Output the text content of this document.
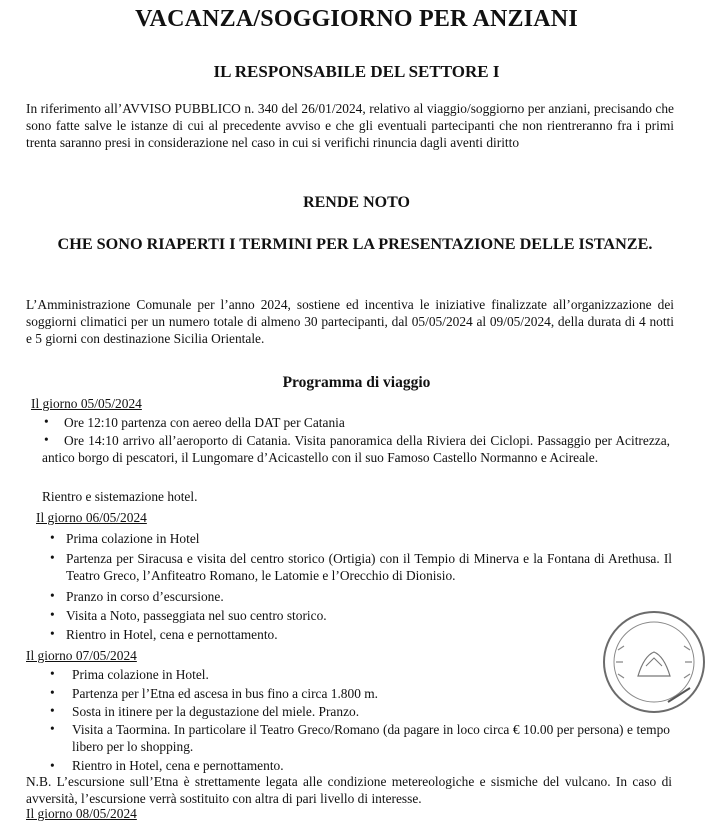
VACANZA/SOGGIORNO PER ANZIANI
IL RESPONSABILE DEL SETTORE I
In riferimento all’AVVISO PUBBLICO n. 340 del 26/01/2024, relativo al viaggio/soggiorno per anziani, precisando che sono fatte salve le istanze di cui al precedente avviso e che gli eventuali partecipanti che non rientreranno fra i primi trenta saranno presi in considerazione nel caso in cui si verifichi rinuncia dagli aventi diritto
RENDE NOTO
CHE SONO RIAPERTI I TERMINI PER LA PRESENTAZIONE DELLE ISTANZE.
L’Amministrazione Comunale per l’anno 2024, sostiene ed incentiva le iniziative finalizzate all’organizzazione dei soggiorni climatici per un numero totale di almeno 30 partecipanti, dal 05/05/2024 al 09/05/2024, della durata di 4 notti e 5 giorni con destinazione Sicilia Orientale.
Programma di viaggio
Il giorno 05/05/2024
• Ore 12:10 partenza con aereo della DAT per Catania
•	Ore 14:10 arrivo all’aeroporto di Catania. Visita panoramica della Riviera dei Ciclopi. Passaggio per Acitrezza, antico borgo di pescatori, il Lungomare d’Acicastello con il suo Famoso Castello Normanno e Acireale.
Rientro e sistemazione hotel.
Il giorno 06/05/2024
• Prima colazione in Hotel
• Partenza per Siracusa e visita del centro storico (Ortigia) con il Tempio di Minerva e la Fontana di Arethusa. Il Teatro Greco, l’Anfiteatro Romano, le Latomie e l’Orecchio di Dionisio.
• Pranzo in corso d’escursione.
• Visita a Noto, passeggiata nel suo centro storico.
• Rientro in Hotel, cena e pernottamento.
Il giorno 07/05/2024
• Prima colazione in Hotel.
• Partenza per l’Etna ed ascesa in bus fino a circa 1.800 m.
• Sosta in itinere per la degustazione del miele. Pranzo.
• Visita a Taormina. In particolare il Teatro Greco/Romano (da pagare in loco circa € 10.00 per persona) e tempo libero per lo shopping.
• Rientro in Hotel, cena e pernottamento.
N.B. L’escursione sull’Etna è strettamente legata alle condizione metereologiche e sismiche del vulcano. In caso di avversità, l’escursione verrà sostituito con altra di pari livello di interesse.
Il giorno 08/05/2024
